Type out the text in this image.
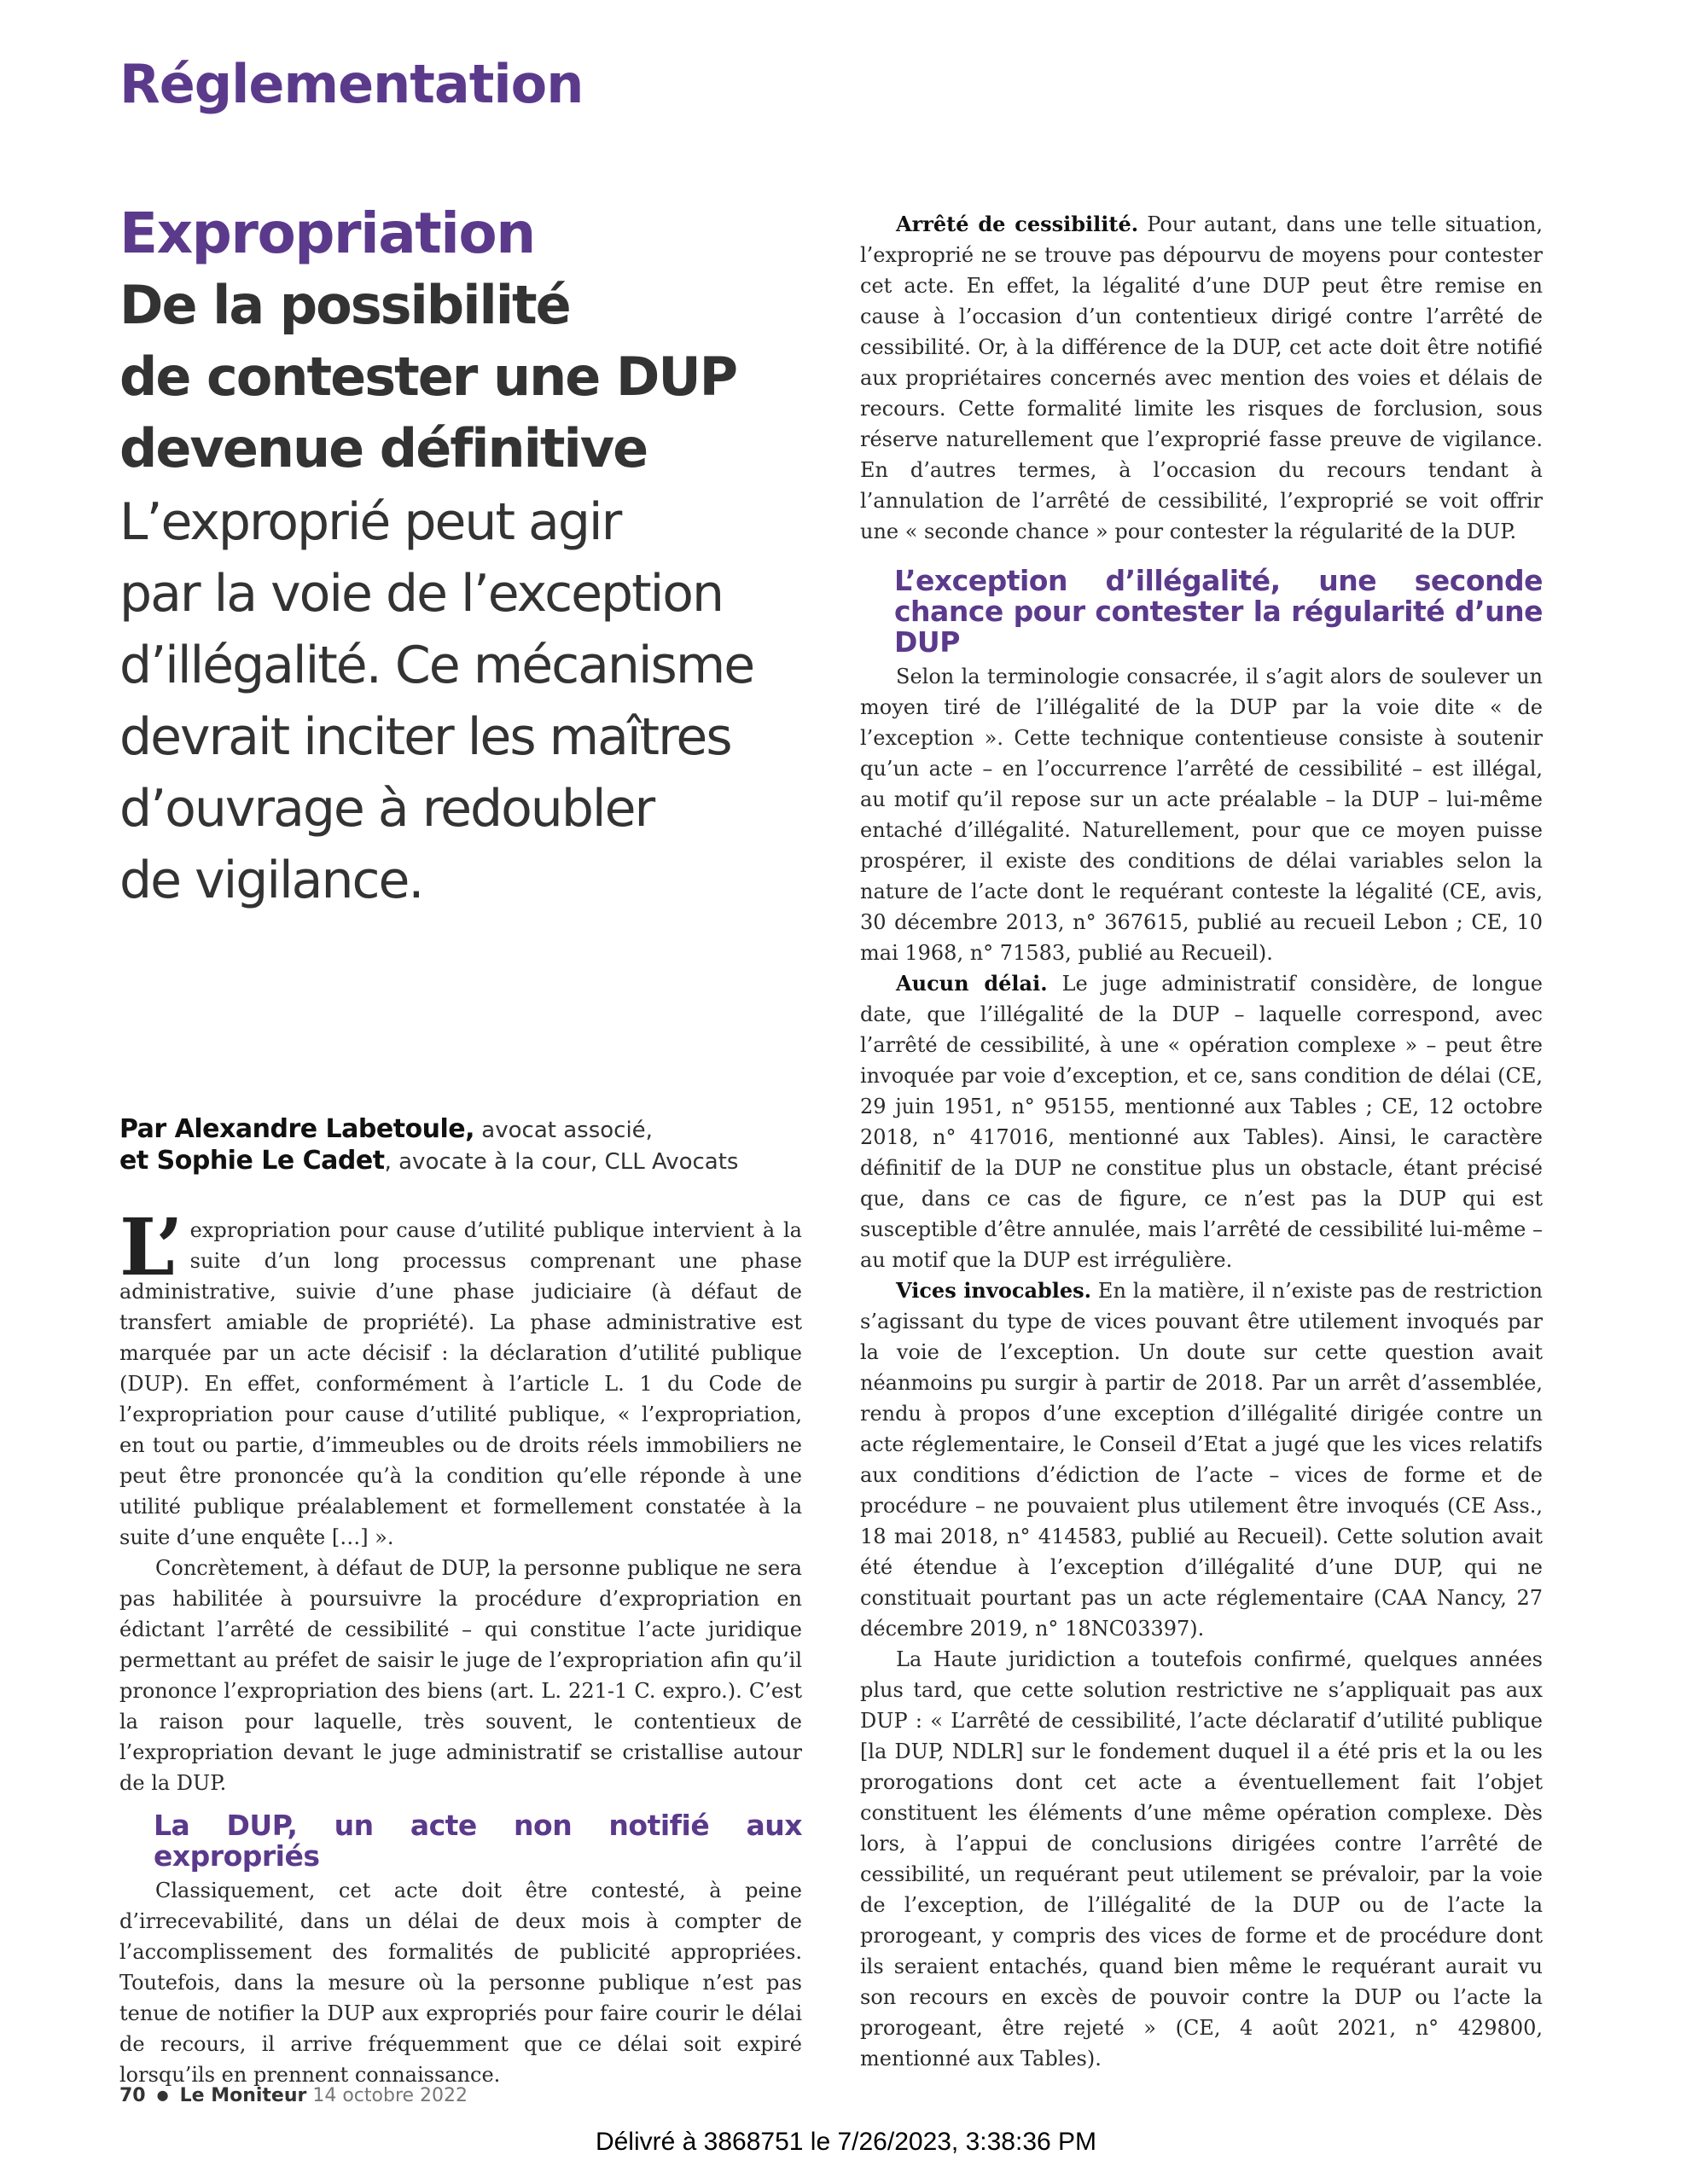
Réglementation
Expropriation
De la possibilité
de contester une DUP
devenue définitive
L’exproprié peut agir
par la voie de l’exception
d’illégalité. Ce mécanisme
devrait inciter les maîtres
d’ouvrage à redoubler
de vigilance.
Par Alexandre Labetoule, avocat associé,
et Sophie Le Cadet, avocate à la cour, CLL Avocats

L’ expropriation pour cause d’utilité publique intervient à la suite d’un long processus comprenant une phase administrative, suivie d’une phase judiciaire (à défaut de transfert amiable de propriété). La phase administrative est marquée par un acte décisif : la déclaration d’utilité publique (DUP). En effet, conformément à l’article L. 1 du Code de l’expropriation pour cause d’utilité publique, « l’expropriation, en tout ou partie, d’immeubles ou de droits réels immobiliers ne peut être prononcée qu’à la condition qu’elle réponde à une utilité publique préalablement et formellement constatée à la suite d’une enquête […] ».

Concrètement, à défaut de DUP, la personne publique ne sera pas habilitée à poursuivre la procédure d’expropriation en édictant l’arrêté de cessibilité – qui constitue l’acte juridique permettant au préfet de saisir le juge de l’expropriation afin qu’il prononce l’expropriation des biens (art. L. 221-1 C. expro.). C’est la raison pour laquelle, très souvent, le contentieux de l’expropriation devant le juge administratif se cristallise autour de la DUP.

La DUP, un acte non notifié aux expropriés

Classiquement, cet acte doit être contesté, à peine d’irrecevabilité, dans un délai de deux mois à compter de l’accomplissement des formalités de publicité appropriées. Toutefois, dans la mesure où la personne publique n’est pas tenue de notifier la DUP aux expropriés pour faire courir le délai de recours, il arrive fréquemment que ce délai soit expiré lorsqu’ils en prennent connaissance.

Arrêté de cessibilité. Pour autant, dans une telle situation, l’exproprié ne se trouve pas dépourvu de moyens pour contester cet acte. En effet, la légalité d’une DUP peut être remise en cause à l’occasion d’un contentieux dirigé contre l’arrêté de cessibilité. Or, à la différence de la DUP, cet acte doit être notifié aux propriétaires concernés avec mention des voies et délais de recours. Cette formalité limite les risques de forclusion, sous réserve naturellement que l’exproprié fasse preuve de vigilance. En d’autres termes, à l’occasion du recours tendant à l’annulation de l’arrêté de cessibilité, l’exproprié se voit offrir une « seconde chance » pour contester la régularité de la DUP.

L’exception d’illégalité, une seconde chance pour contester la régularité d’une DUP

Selon la terminologie consacrée, il s’agit alors de soulever un moyen tiré de l’illégalité de la DUP par la voie dite « de l’exception ». Cette technique contentieuse consiste à soutenir qu’un acte – en l’occurrence l’arrêté de cessibilité – est illégal, au motif qu’il repose sur un acte préalable – la DUP – lui-même entaché d’illégalité. Naturellement, pour que ce moyen puisse prospérer, il existe des conditions de délai variables selon la nature de l’acte dont le requérant conteste la légalité (CE, avis, 30 décembre 2013, n° 367615, publié au recueil Lebon ; CE, 10 mai 1968, n° 71583, publié au Recueil).

Aucun délai. Le juge administratif considère, de longue date, que l’illégalité de la DUP – laquelle correspond, avec l’arrêté de cessibilité, à une « opération complexe » – peut être invoquée par voie d’exception, et ce, sans condition de délai (CE, 29 juin 1951, n° 95155, mentionné aux Tables ; CE, 12 octobre 2018, n° 417016, mentionné aux Tables). Ainsi, le caractère définitif de la DUP ne constitue plus un obstacle, étant précisé que, dans ce cas de figure, ce n’est pas la DUP qui est susceptible d’être annulée, mais l’arrêté de cessibilité lui-même – au motif que la DUP est irrégulière.

Vices invocables. En la matière, il n’existe pas de restriction s’agissant du type de vices pouvant être utilement invoqués par la voie de l’exception. Un doute sur cette question avait néanmoins pu surgir à partir de 2018. Par un arrêt d’assemblée, rendu à propos d’une exception d’illégalité dirigée contre un acte réglementaire, le Conseil d’Etat a jugé que les vices relatifs aux conditions d’édiction de l’acte – vices de forme et de procédure – ne pouvaient plus utilement être invoqués (CE Ass., 18 mai 2018, n° 414583, publié au Recueil). Cette solution avait été étendue à l’exception d’illégalité d’une DUP, qui ne constituait pourtant pas un acte réglementaire (CAA Nancy, 27 décembre 2019, n° 18NC03397).

La Haute juridiction a toutefois confirmé, quelques années plus tard, que cette solution restrictive ne s’appliquait pas aux DUP : « L’arrêté de cessibilité, l’acte déclaratif d’utilité publique [la DUP, NDLR] sur le fondement duquel il a été pris et la ou les prorogations dont cet acte a éventuellement fait l’objet constituent les éléments d’une même opération complexe. Dès lors, à l’appui de conclusions dirigées contre l’arrêté de cessibilité, un requérant peut utilement se prévaloir, par la voie de l’exception, de l’illégalité de la DUP ou de l’acte la prorogeant, y compris des vices de forme et de procédure dont ils seraient entachés, quand bien même le requérant aurait vu son recours en excès de pouvoir contre la DUP ou l’acte la prorogeant, être rejeté » (CE, 4 août 2021, n° 429800, mentionné aux Tables).

70 ● Le Moniteur 14 octobre 2022
Délivré à 3868751 le 7/26/2023, 3:38:36 PM
